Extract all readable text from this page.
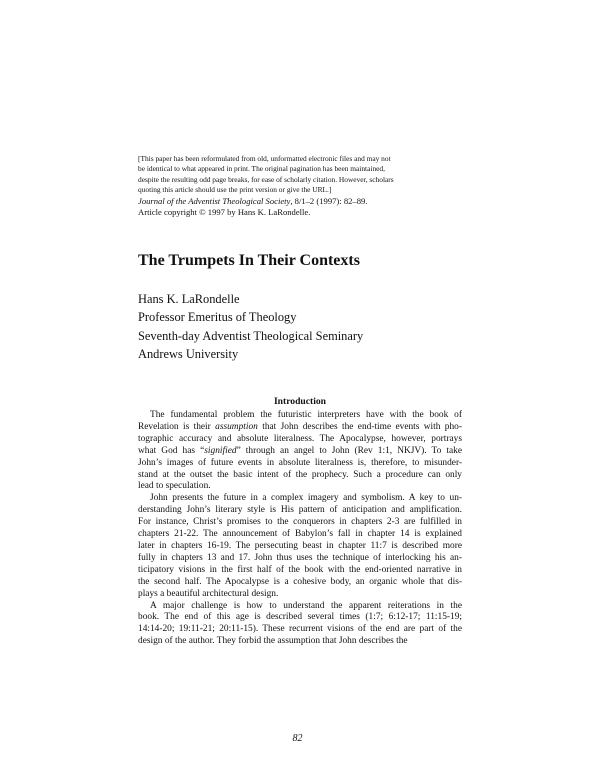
[This paper has been reformulated from old, unformatted electronic files and may not
be identical to what appeared in print. The original pagination has been maintained,
despite the resulting odd page breaks, for ease of scholarly citation. However, scholars
quoting this article should use the print version or give the URL.]
Journal of the Adventist Theological Society, 8/1–2 (1997): 82–89.
Article copyright © 1997 by Hans K. LaRondelle.
The Trumpets In Their Contexts
Hans K. LaRondelle
Professor Emeritus of Theology
Seventh-day Adventist Theological Seminary
Andrews University
Introduction
The fundamental problem the futuristic interpreters have with the book of
Revelation is their assumption that John describes the end-time events with pho-
tographic accuracy and absolute literalness. The Apocalypse, however, portrays
what God has “signified” through an angel to John (Rev 1:1, NKJV). To take
John’s images of future events in absolute literalness is, therefore, to misunder-
stand at the outset the basic intent of the prophecy. Such a procedure can only
lead to speculation.
John presents the future in a complex imagery and symbolism. A key to un-
derstanding John’s literary style is His pattern of anticipation and amplification.
For instance, Christ’s promises to the conquerors in chapters 2-3 are fulfilled in
chapters 21-22. The announcement of Babylon’s fall in chapter 14 is explained
later in chapters 16-19. The persecuting beast in chapter 11:7 is described more
fully in chapters 13 and 17. John thus uses the technique of interlocking his an-
ticipatory visions in the first half of the book with the end-oriented narrative in
the second half. The Apocalypse is a cohesive body, an organic whole that dis-
plays a beautiful architectural design.
A major challenge is how to understand the apparent reiterations in the
book. The end of this age is described several times (1:7; 6:12-17; 11:15-19;
14:14-20; 19:11-21; 20:11-15). These recurrent visions of the end are part of the
design of the author. They forbid the assumption that John describes the
82
